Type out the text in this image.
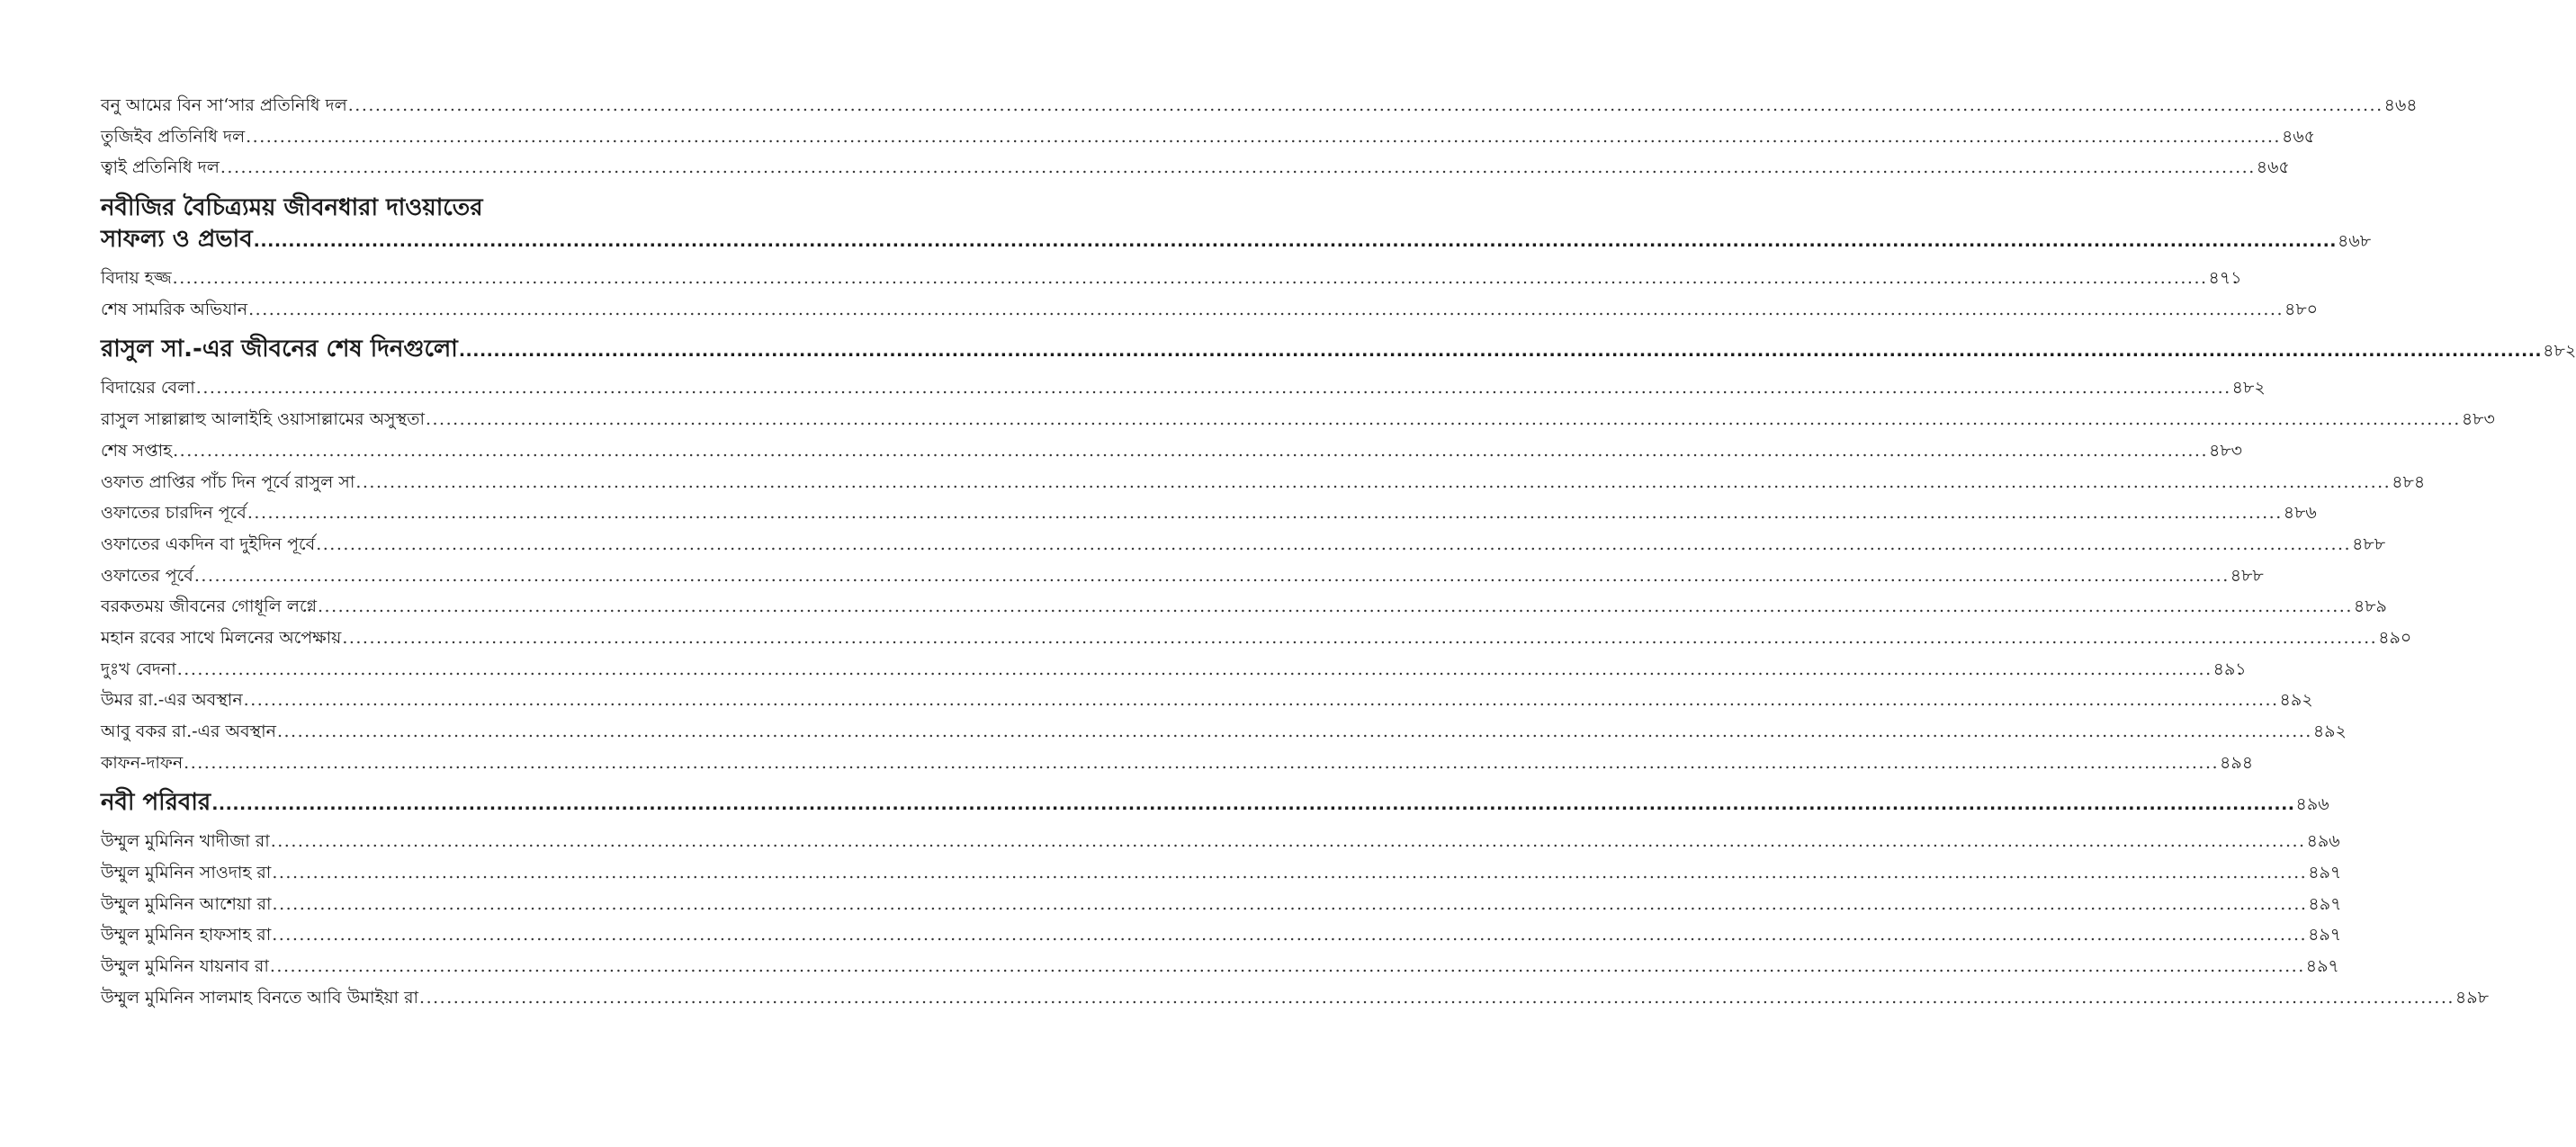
বনু আমের বিন সা‘সার প্রতিনিধি দল ............................................................................................................................................................................................................................................................................................................ ৪৬৪
তুজিইব প্রতিনিধি দল ............................................................................................................................................................................................................................................................................................................ ৪৬৫
ত্বাই প্রতিনিধি দল ............................................................................................................................................................................................................................................................................................................ ৪৬৫
নবীজির বৈচিত্র্যময় জীবনধারা দাওয়াতের
সাফল্য ও প্রভাব ............................................................................................................................................................................................................................................................................................................ ৪৬৮
বিদায় হজ্জ ............................................................................................................................................................................................................................................................................................................ ৪৭১
শেষ সামরিক অভিযান ............................................................................................................................................................................................................................................................................................................ ৪৮০
রাসুল সা.-এর জীবনের শেষ দিনগুলো ............................................................................................................................................................................................................................................................................................................ ৪৮২
বিদায়ের বেলা ............................................................................................................................................................................................................................................................................................................ ৪৮২
রাসুল সাল্লাল্লাহু আলাইহি ওয়াসাল্লামের অসুস্থতা ............................................................................................................................................................................................................................................................................................................ ৪৮৩
শেষ সপ্তাহ ............................................................................................................................................................................................................................................................................................................ ৪৮৩
ওফাত প্রাপ্তির পাঁচ দিন পূর্বে রাসুল সা ............................................................................................................................................................................................................................................................................................................ ৪৮৪
ওফাতের চারদিন পূর্বে ............................................................................................................................................................................................................................................................................................................ ৪৮৬
ওফাতের একদিন বা দুইদিন পূর্বে ............................................................................................................................................................................................................................................................................................................ ৪৮৮
ওফাতের পূর্বে ............................................................................................................................................................................................................................................................................................................ ৪৮৮
বরকতময় জীবনের গোধূলি লগ্নে ............................................................................................................................................................................................................................................................................................................ ৪৮৯
মহান রবের সাথে মিলনের অপেক্ষায় ............................................................................................................................................................................................................................................................................................................ ৪৯০
দুঃখ বেদনা ............................................................................................................................................................................................................................................................................................................ ৪৯১
উমর রা.-এর অবস্থান ............................................................................................................................................................................................................................................................................................................ ৪৯২
আবু বকর রা.-এর অবস্থান ............................................................................................................................................................................................................................................................................................................ ৪৯২
কাফন-দাফন ............................................................................................................................................................................................................................................................................................................ ৪৯৪
নবী পরিবার ............................................................................................................................................................................................................................................................................................................ ৪৯৬
উম্মুল মুমিনিন খাদীজা রা ............................................................................................................................................................................................................................................................................................................ ৪৯৬
উম্মুল মুমিনিন সাওদাহ রা ............................................................................................................................................................................................................................................................................................................ ৪৯৭
উম্মুল মুমিনিন আশেয়া রা ............................................................................................................................................................................................................................................................................................................ ৪৯৭
উম্মুল মুমিনিন হাফসাহ রা ............................................................................................................................................................................................................................................................................................................ ৪৯৭
উম্মুল মুমিনিন যায়নাব রা ............................................................................................................................................................................................................................................................................................................ ৪৯৭
উম্মুল মুমিনিন সালমাহ বিনতে আবি উমাইয়া রা ............................................................................................................................................................................................................................................................................................................ ৪৯৮
